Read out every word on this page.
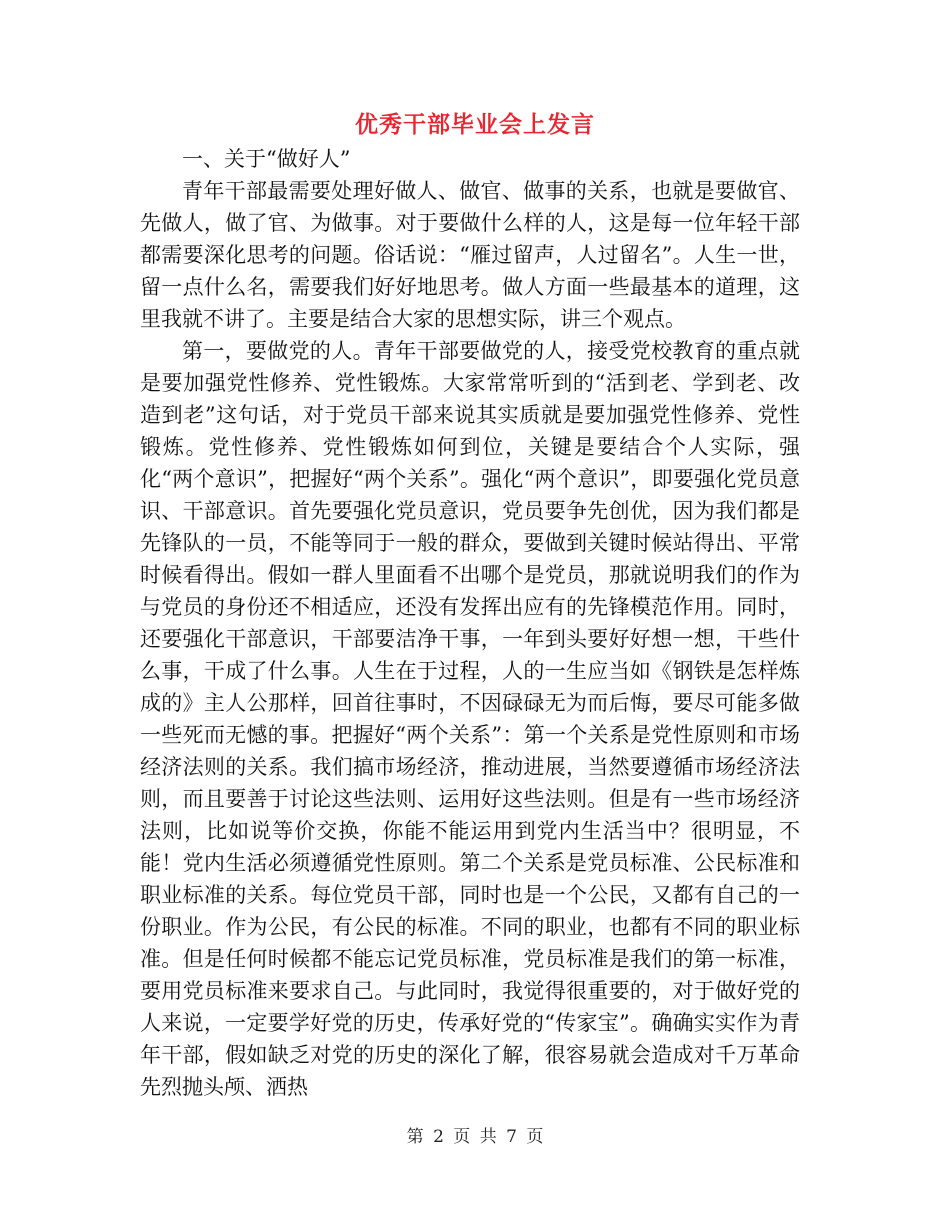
优秀干部毕业会上发言

一、关于“做好人”

青年干部最需要处理好做人、做官、做事的关系，也就是要做官、先做人，做了官、为做事。对于要做什么样的人，这是每一位年轻干部都需要深化思考的问题。俗话说：“雁过留声，人过留名”。人生一世，留一点什么名，需要我们好好地思考。做人方面一些最基本的道理，这里我就不讲了。主要是结合大家的思想实际，讲三个观点。

第一，要做党的人。青年干部要做党的人，接受党校教育的重点就是要加强党性修养、党性锻炼。大家常常听到的“活到老、学到老、改造到老”这句话，对于党员干部来说其实质就是要加强党性修养、党性锻炼。党性修养、党性锻炼如何到位，关键是要结合个人实际，强化“两个意识”，把握好“两个关系”。强化“两个意识”，即要强化党员意识、干部意识。首先要强化党员意识，党员要争先创优，因为我们都是先锋队的一员，不能等同于一般的群众，要做到关键时候站得出、平常时候看得出。假如一群人里面看不出哪个是党员，那就说明我们的作为与党员的身份还不相适应，还没有发挥出应有的先锋模范作用。同时，还要强化干部意识，干部要洁净干事，一年到头要好好想一想，干些什么事，干成了什么事。人生在于过程，人的一生应当如《钢铁是怎样炼成的》主人公那样，回首往事时，不因碌碌无为而后悔，要尽可能多做一些死而无憾的事。把握好“两个关系”：第一个关系是党性原则和市场经济法则的关系。我们搞市场经济，推动进展，当然要遵循市场经济法则，而且要善于讨论这些法则、运用好这些法则。但是有一些市场经济法则，比如说等价交换，你能不能运用到党内生活当中？很明显，不能！党内生活必须遵循党性原则。第二个关系是党员标准、公民标准和职业标准的关系。每位党员干部，同时也是一个公民，又都有自己的一份职业。作为公民，有公民的标准。不同的职业，也都有不同的职业标准。但是任何时候都不能忘记党员标准，党员标准是我们的第一标准，要用党员标准来要求自己。与此同时，我觉得很重要的，对于做好党的人来说，一定要学好党的历史，传承好党的“传家宝”。确确实实作为青年干部，假如缺乏对党的历史的深化了解，很容易就会造成对千万革命先烈抛头颅、洒热

第 2 页 共 7 页
